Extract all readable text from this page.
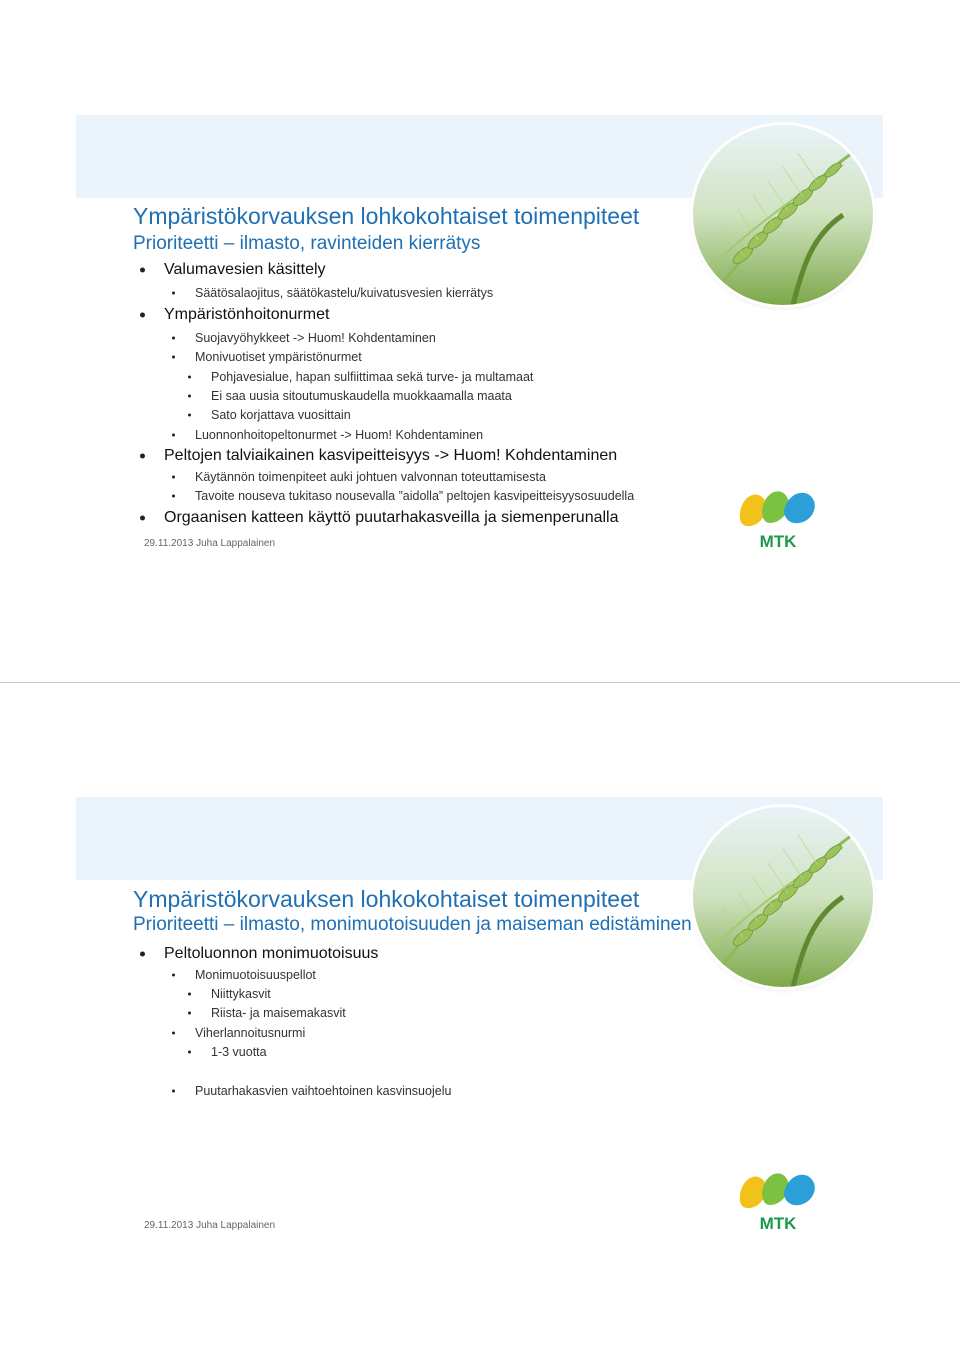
Ympäristökorvauksen lohkokohtaiset toimenpiteet
Prioriteetti – ilmasto, ravinteiden kierrätys
Valumavesien käsittely
Säätösalaojitus, säätökastelu/kuivatusvesien kierrätys
Ympäristönhoitonurmet
Suojavyöhykkeet -> Huom! Kohdentaminen
Monivuotiset ympäristönurmet
Pohjavesialue, hapan sulfiittimaa sekä turve- ja multamaat
Ei saa uusia sitoutumuskaudella muokkaamalla maata
Sato korjattava vuosittain
Luonnonhoitopeltonurmet -> Huom! Kohdentaminen
Peltojen talviaikainen kasvipeitteisyys -> Huom! Kohdentaminen
Käytännön toimenpiteet auki johtuen valvonnan toteuttamisesta
Tavoite nouseva tukitaso nousevalla ”aidolla” peltojen kasvipeitteisyysosuudella
Orgaanisen katteen käyttö puutarhakasveilla ja siemenperunalla
29.11.2013 Juha Lappalainen	MTK
Ympäristökorvauksen lohkokohtaiset toimenpiteet
Prioriteetti – ilmasto, monimuotoisuuden ja maiseman edistäminen
Peltoluonnon monimuotoisuus
Monimuotoisuuspellot
Niittykasvit
Riista- ja maisemakasvit
Viherlannoitusnurmi
1-3 vuotta
Puutarhakasvien vaihtoehtoinen kasvinsuojelu
29.11.2013 Juha Lappalainen	MTK
